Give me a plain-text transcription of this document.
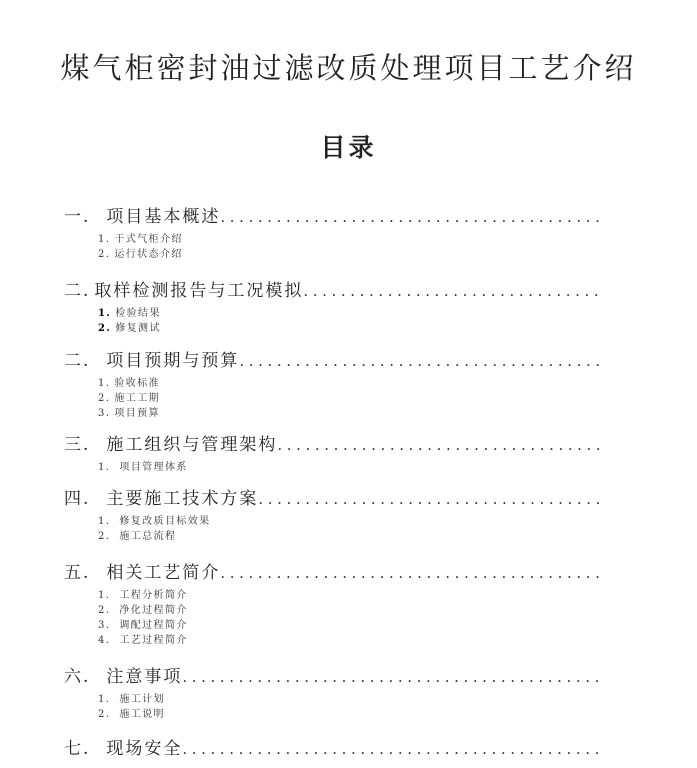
煤气柜密封油过滤改质处理项目工艺介绍
目录
一. 项目基本概述
.....
1. 干式气柜介绍
2. 运行状态介绍
二. 取样检测报告与工况模拟
.....
1. 检验结果
2. 修复测试
二. 项目预期与预算
.....
1. 验收标准
2. 施工工期
3. 项目预算
三. 施工组织与管理架构
.....
1. 项目管理体系
四. 主要施工技术方案
.....
1. 修复改质目标效果
2. 施工总流程
五. 相关工艺简介
.....
1. 工程分析简介
2. 净化过程简介
3. 调配过程简介
4. 工艺过程简介
六. 注意事项
.....
1. 施工计划
2. 施工说明
七. 现场安全
.....
